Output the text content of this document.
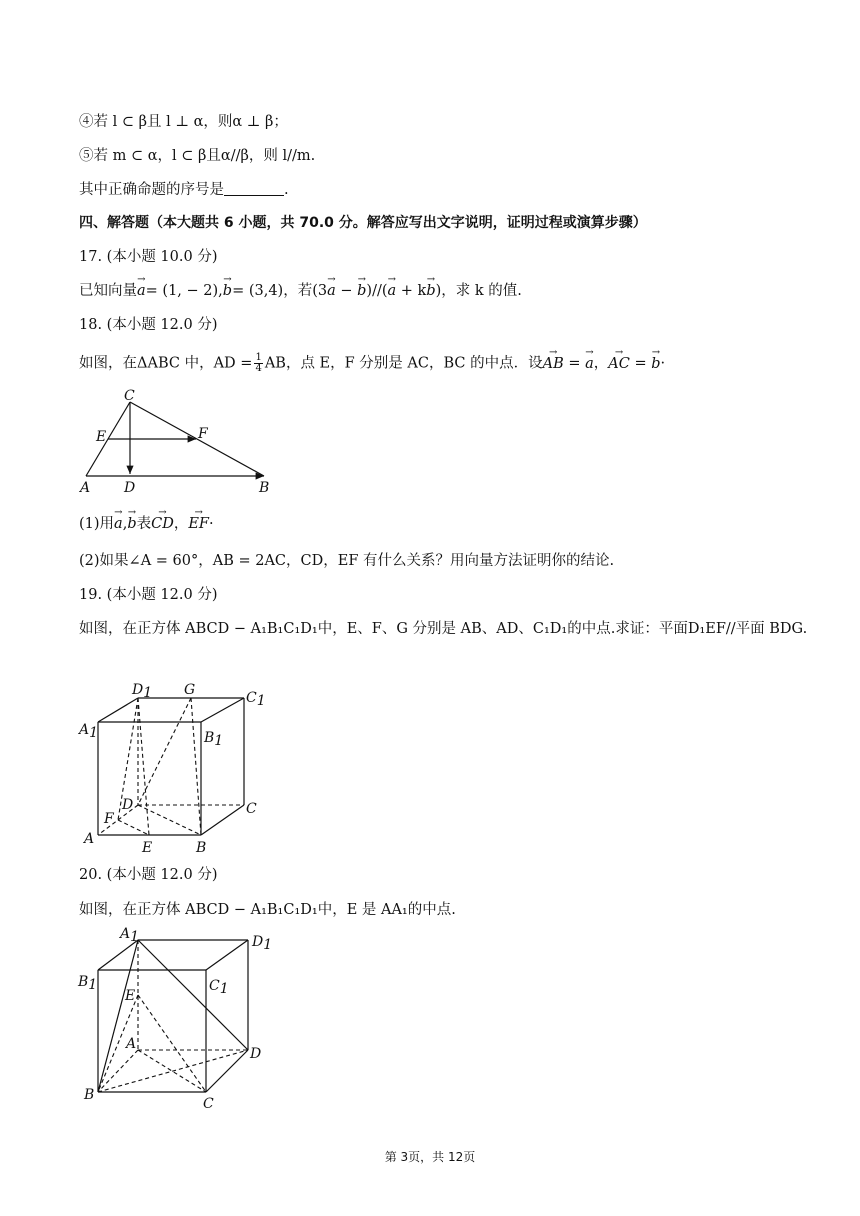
④若 l ⊂ β且 l ⊥ α，则α ⊥ β；
⑤若 m ⊂ α，l ⊂ β且α//β，则 l//m.
其中正确命题的序号是	.
四、解答题（本大题共 6 小题，共 70.0 分。解答应写出文字说明，证明过程或演算步骤）
17. (本小题 10.0 分)
已知向量→ a= (1, − 2),→ b= (3,4)，若(3→ a − → b)//(→ a + k→ b)，求 k 的值.
18. (本小题 12.0 分)
如图，在ΔABC 中，AD = $\frac{1}{4}$ AB，点 E，F 分别是 AC，BC 的中点．设→ AB = → a，→ AC = → b·
C
E	F
A D	B
(1)用→ a,→ b表→ CD，→ EF·
(2)如果∠A = 60°，AB = 2AC，CD，EF 有什么关系？用向量方法证明你的结论.
19. (本小题 12.0 分)
如图，在正方体 ABCD − A₁B₁C₁D₁中，E、F、G 分别是 AB、AD、C₁D₁的中点.求证：平面D₁EF//平面 BDG.
D1 G	C1
A1	B1
D	C
F
A
E	B
20. (本小题 12.0 分)
如图，在正方体 ABCD − A₁B₁C₁D₁中，E 是 AA₁的中点.
A1	D1
B1	C1
E
A
D
B
C
第 3页，共 12页
